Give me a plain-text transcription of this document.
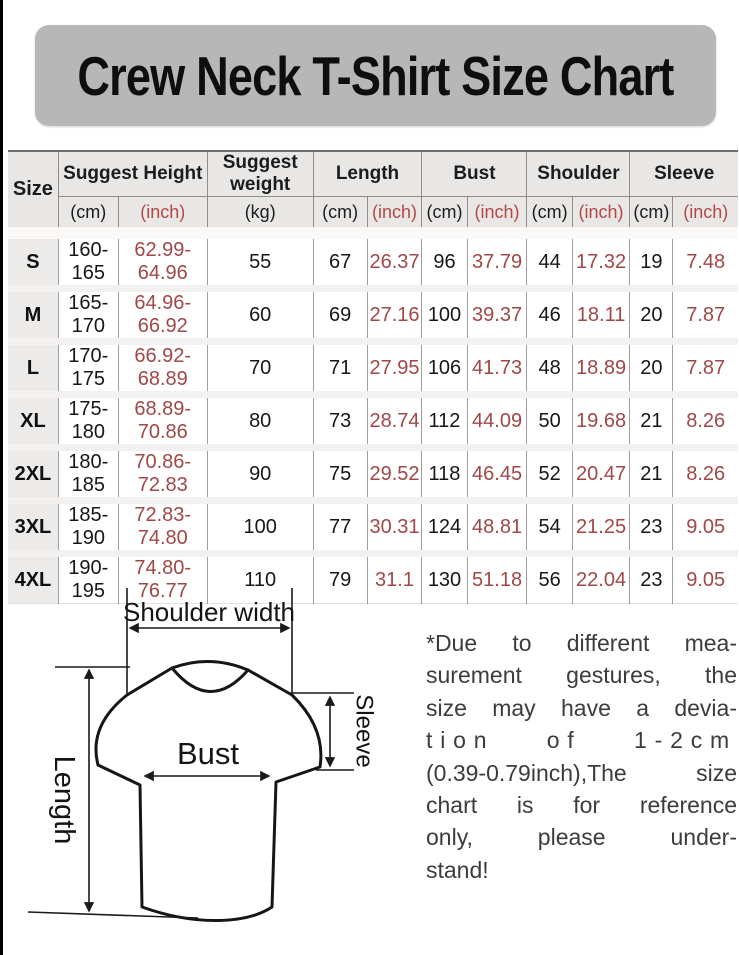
Crew Neck T-Shirt Size Chart
Size	Suggest Height		Suggest weight	Length		Bust		Shoulder		Sleeve	
	(cm)	(inch)	(kg)	(cm)	(inch)	(cm)	(inch)	(cm)	(inch)	(cm)	(inch)
S	160-165	62.99-64.96	55	67	26.37	96	37.79	44	17.32	19	7.48
M	165-170	64.96-66.92	60	69	27.16	100	39.37	46	18.11	20	7.87
L	170-175	66.92-68.89	70	71	27.95	106	41.73	48	18.89	20	7.87
XL	175-180	68.89-70.86	80	73	28.74	112	44.09	50	19.68	21	8.26
2XL	180-185	70.86-72.83	90	75	29.52	118	46.45	52	20.47	21	8.26
3XL	185-190	72.83-74.80	100	77	30.31	124	48.81	54	21.25	23	9.05
4XL	190-195	74.80-76.77	110	79	31.1	130	51.18	56	22.04	23	9.05
Shoulder width
Bust	Sleeve
Length
*Due to different mea-
surement gestures, the
size may have a devia-
tion of 1-2cm
(0.39-0.79inch),The size
chart is for reference
only, please under-
stand!
